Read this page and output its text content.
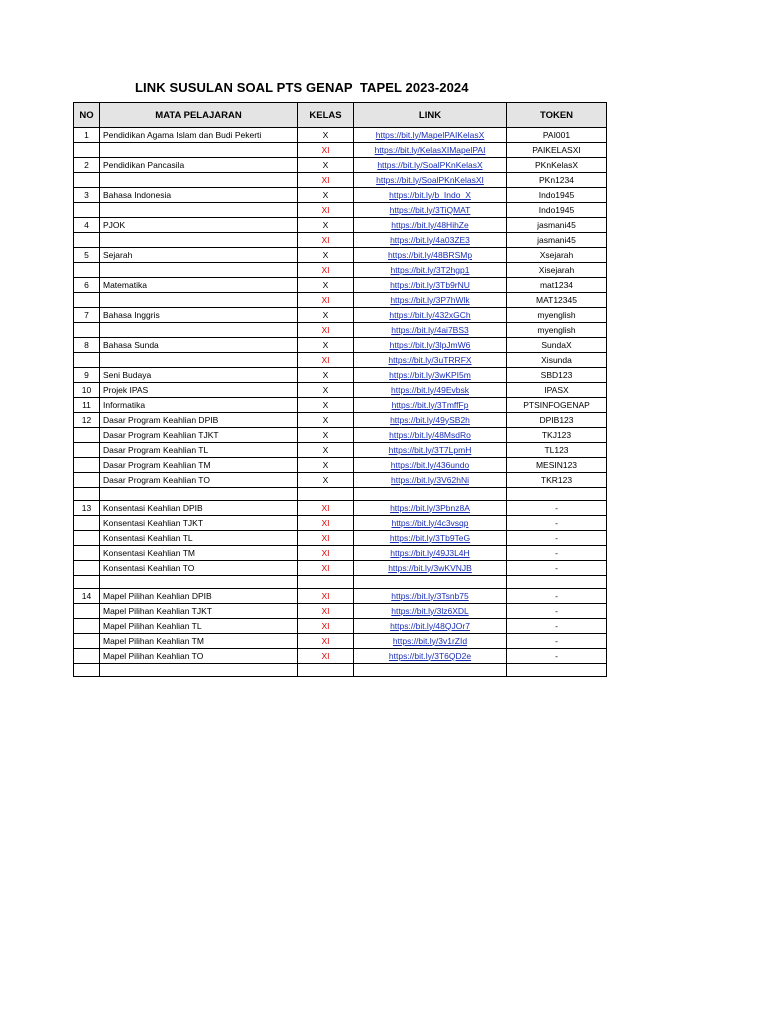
LINK SUSULAN SOAL PTS GENAP  TAPEL 2023-2024
NO	MATA PELAJARAN	KELAS	LINK	TOKEN
1	Pendidikan Agama Islam dan Budi Pekerti	X	https://bit.ly/MapelPAIKelasX	PAI001
		XI	https://bit.ly/KelasXIMapelPAI	PAIKELASXI
2	Pendidikan Pancasila	X	https://bit.ly/SoalPKnKelasX	PKnKelasX
		XI	https://bit.ly/SoalPKnKelasXI	PKn1234
3	Bahasa Indonesia	X	https://bit.ly/b_Indo_X	Indo1945
		XI	https://bit.ly/3TiQMAT	Indo1945
4	PJOK	X	https://bit.ly/48HihZe	jasmani45
		XI	https://bit.ly/4a03ZE3	jasmani45
5	Sejarah	X	https://bit.ly/48BRSMp	Xsejarah
		XI	https://bit.ly/3T2hgp1	Xisejarah
6	Matematika	X	https://bit.ly/3Tb9rNU	mat1234
		XI	https://bit.ly/3P7hWlk	MAT12345
7	Bahasa Inggris	X	https://bit.ly/432xGCh	myenglish
		XI	https://bit.ly/4ai7BS3	myenglish
8	Bahasa Sunda	X	https://bit.ly/3lpJmW6	SundaX
		XI	https://bit.ly/3uTRRFX	Xisunda
9	Seni Budaya	X	https://bit.ly/3wKPI5m	SBD123
10	Projek IPAS	X	https://bit.ly/49Evbsk	IPASX
11	Informatika	X	https://bit.ly/3TmffFp	PTSINFOGENAP
12	Dasar Program Keahlian DPIB	X	https://bit.ly/49ySB2h	DPIB123
	Dasar Program Keahlian TJKT	X	https://bit.ly/48MsdRo	TKJ123
	Dasar Program Keahlian TL	X	https://bit.ly/3T7LpmH	TL123
	Dasar Program Keahlian TM	X	https://bit.ly/436undo	MESIN123
	Dasar Program Keahlian TO	X	https://bit.ly/3V62hNi	TKR123

13	Konsentasi Keahlian DPIB	XI	https://bit.ly/3Pbnz8A	-
	Konsentasi Keahlian TJKT	XI	https://bit.ly/4c3vsqp	-
	Konsentasi Keahlian TL	XI	https://bit.ly/3Tb9TeG	-
	Konsentasi Keahlian TM	XI	https://bit.ly/49J3L4H	-
	Konsentasi Keahlian TO	XI	https://bit.ly/3wKVNJB	-

14	Mapel Pilihan Keahlian DPIB	XI	https://bit.ly/3Tsnb75	-
	Mapel Pilihan Keahlian TJKT	XI	https://bit.ly/3lz6XDL	-
	Mapel Pilihan Keahlian TL	XI	https://bit.ly/48QJOr7	-
	Mapel Pilihan Keahlian TM	XI	https://bit.ly/3v1rZId	-
	Mapel Pilihan Keahlian TO	XI	https://bit.ly/3T6QD2e	-
